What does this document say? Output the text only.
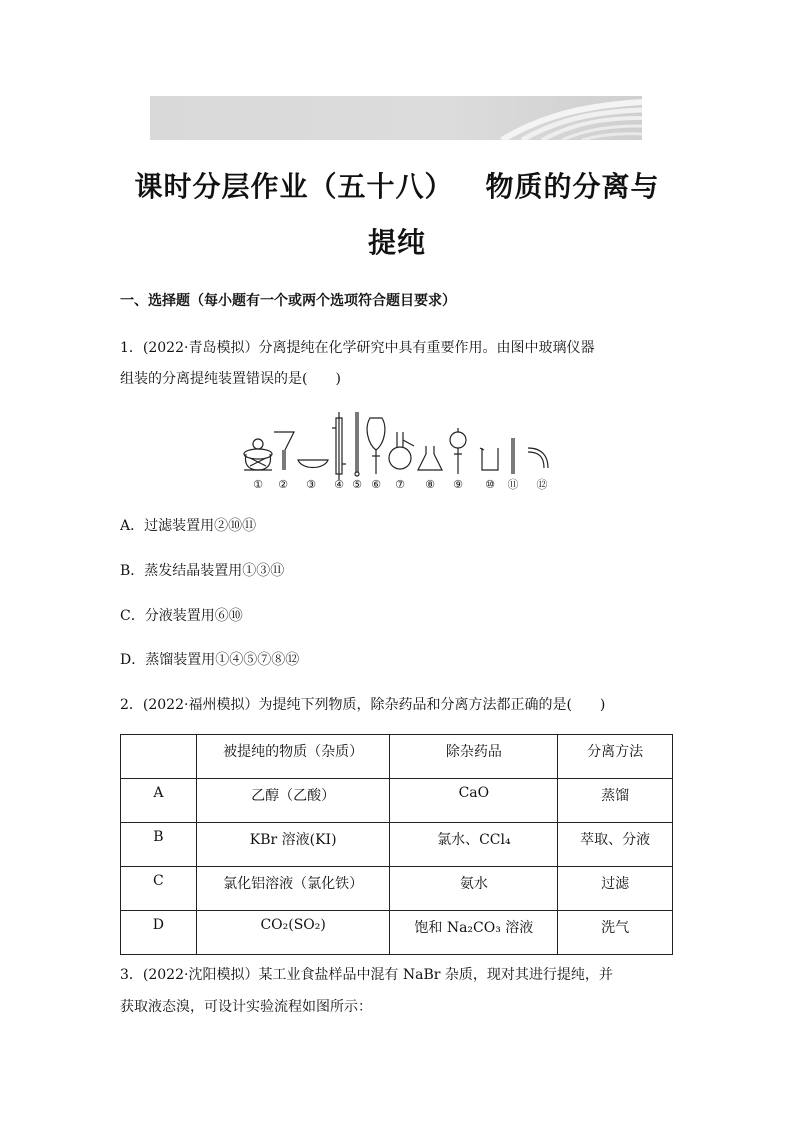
课时分层作业（五十八） 物质的分离与
提纯
一、选择题（每小题有一个或两个选项符合题目要求）
1．(2022·青岛模拟）分离提纯在化学研究中具有重要作用。由图中玻璃仪器
组装的分离提纯装置错误的是(　　)
① ② ③ ④ ⑤ ⑥ ⑦ ⑧ ⑨ ⑩ ⑪ ⑫
A．过滤装置用②⑩⑪
B．蒸发结晶装置用①③⑪
C．分液装置用⑥⑩
D．蒸馏装置用①④⑤⑦⑧⑫
2．(2022·福州模拟）为提纯下列物质，除杂药品和分离方法都正确的是(　　)
	被提纯的物质（杂质）	除杂药品	分离方法
A	乙醇（乙酸）	CaO	蒸馏
B	KBr 溶液(KI)	氯水、CCl₄	萃取、分液
C	氯化铝溶液（氯化铁）	氨水	过滤
D	CO₂(SO₂)	饱和 Na₂CO₃ 溶液	洗气
3．(2022·沈阳模拟）某工业食盐样品中混有 NaBr 杂质，现对其进行提纯，并
获取液态溴，可设计实验流程如图所示：
